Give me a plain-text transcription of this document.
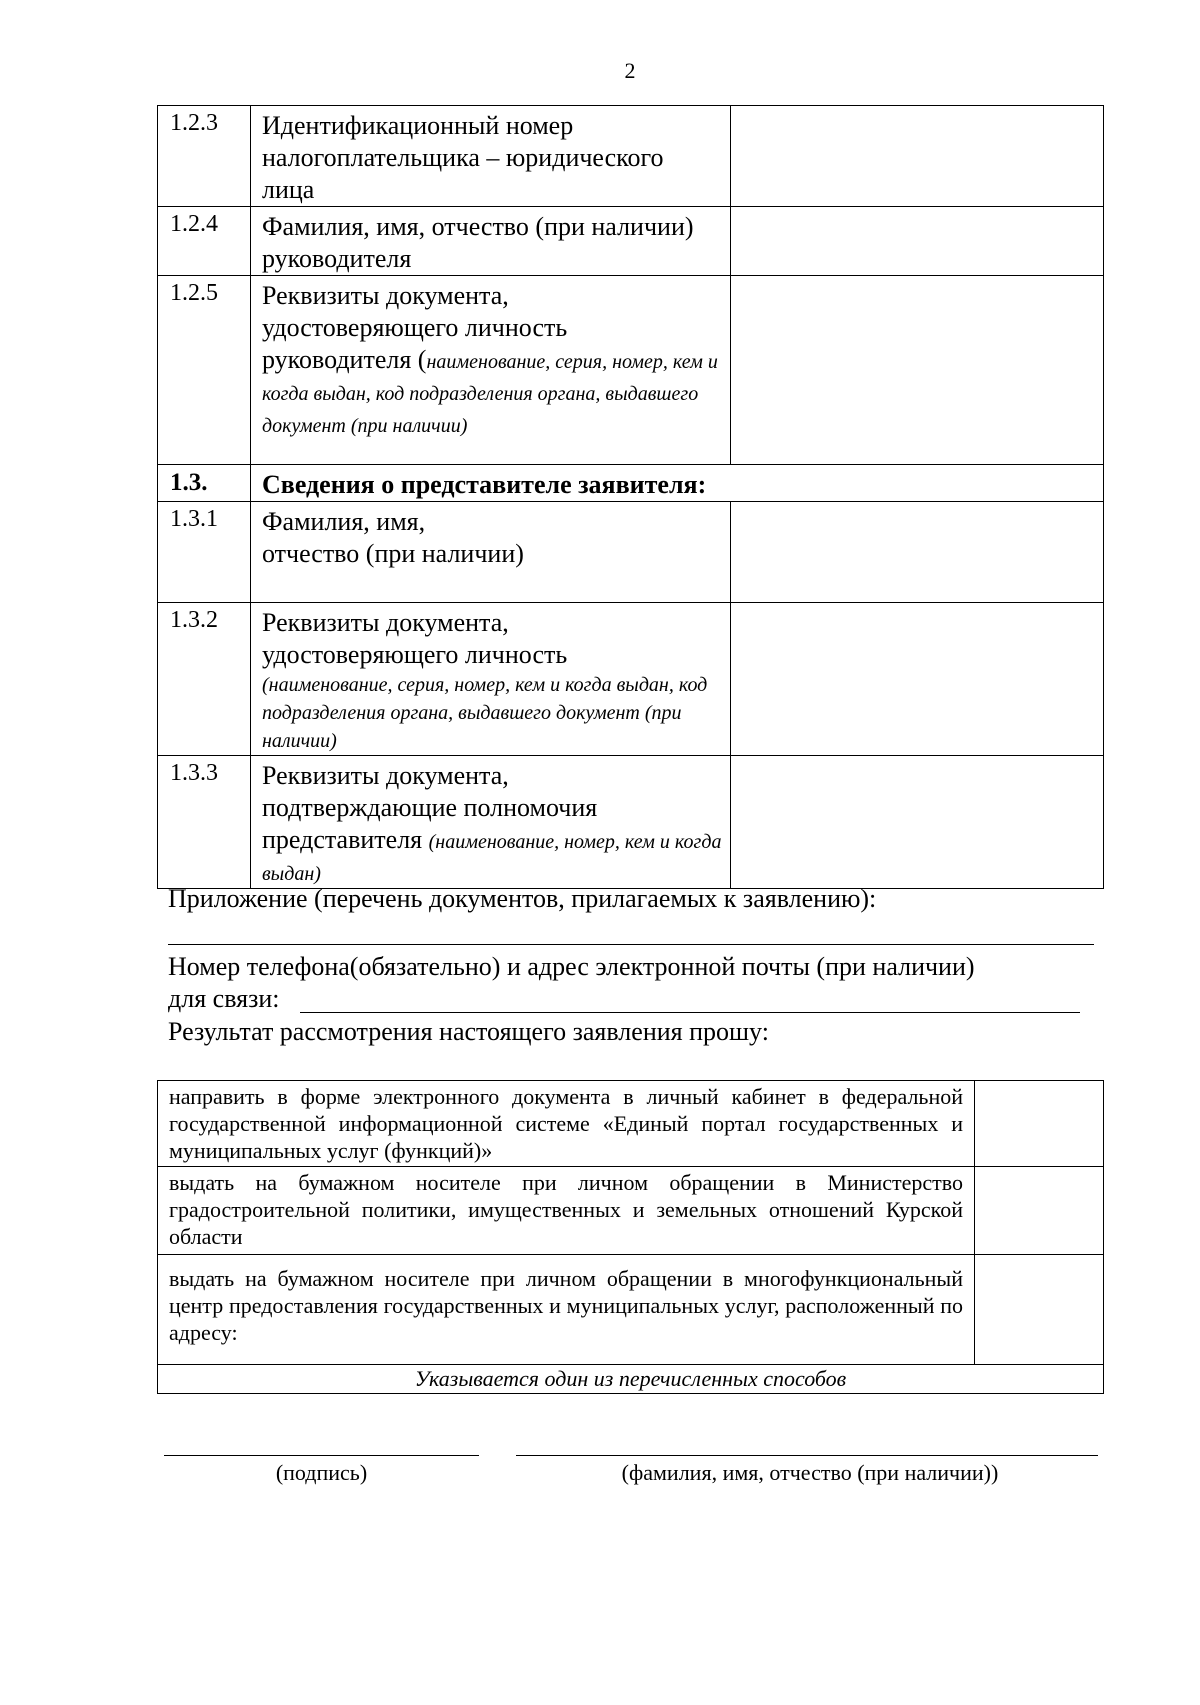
2
1.2.3	Идентификационный номер налогоплательщика – юридического лица	
1.2.4	Фамилия, имя, отчество (при наличии) руководителя	
1.2.5	Реквизиты документа,
удостоверяющего личность
руководителя (наименование, серия, номер, кем и когда выдан, код подразделения органа, выдавшего документ (при наличии)	
1.3.	Сведения о представителе заявителя:	
1.3.1	Фамилия, имя,
отчество (при наличии)	

1.3.2	Реквизиты документа,
удостоверяющего личность
(наименование, серия, номер, кем и когда выдан, код подразделения органа, выдавшего документ (при наличии)	

1.3.3	Реквизиты документа,
подтверждающие полномочия
представителя (наименование, номер, кем и когда выдан)	
Приложение (перечень документов, прилагаемых к заявлению):
Номер телефона(обязательно) и адрес электронной почты (при наличии)
для связи:
Результат рассмотрения настоящего заявления прошу:
направить в форме электронного документа в личный кабинет в федеральной государственной информационной системе «Единый портал государственных и муниципальных услуг (функций)»	
выдать на бумажном носителе при личном обращении в Министерство градостроительной политики, имущественных и земельных отношений Курской области	
выдать на бумажном носителе при личном обращении в многофункциональный центр предоставления государственных и муниципальных услуг, расположенный по адресу:	
Указывается один из перечисленных способов	
(подпись)	(фамилия, имя, отчество (при наличии))
